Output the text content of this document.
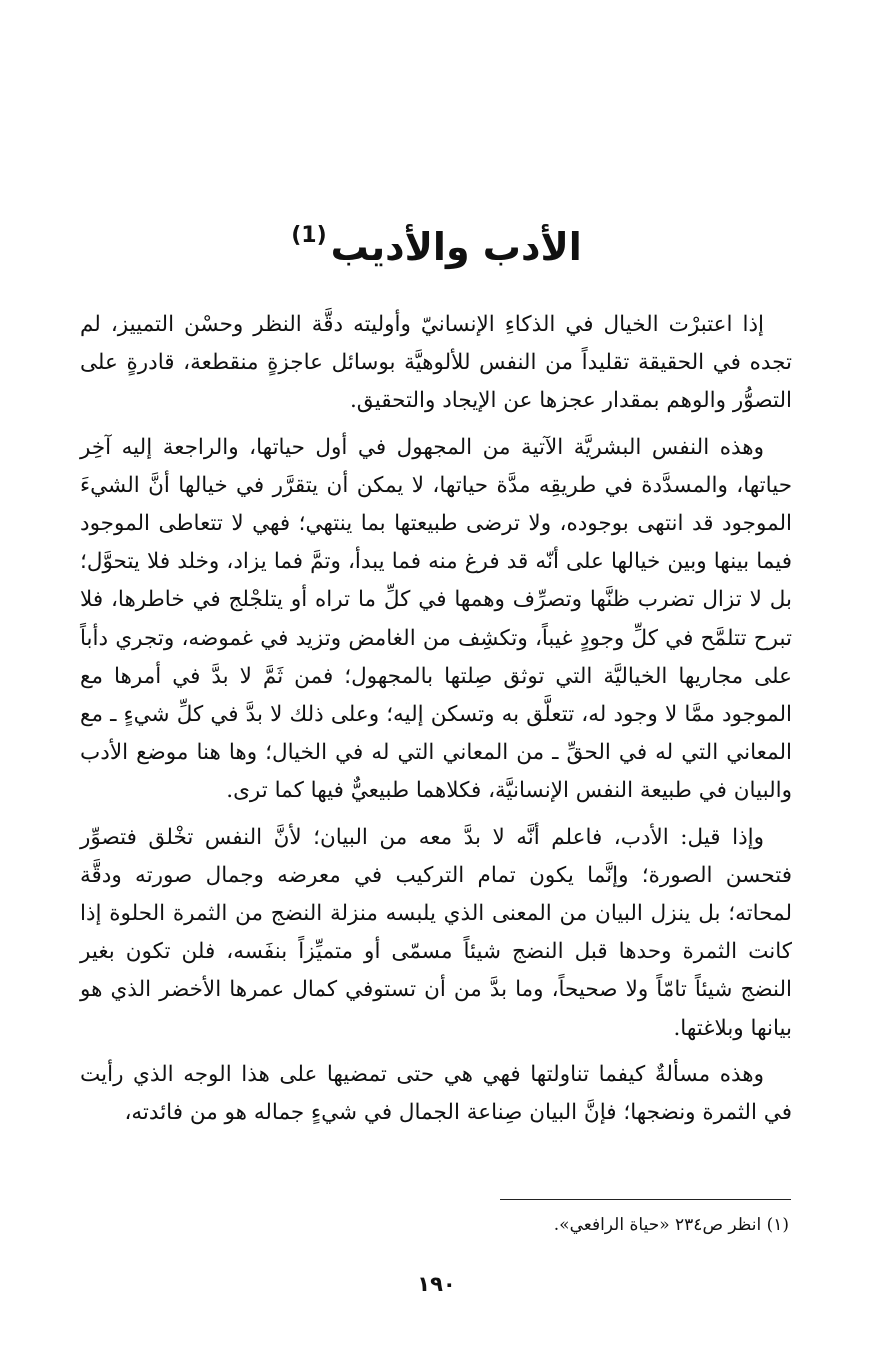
الأدب والأديب$^{(1)}$

إذا اعتبرْت الخيال في الذكاءِ الإنسانيّ وأوليته دقَّة النظر وحسْن التمييز، لم تجده في الحقيقة تقليداً من النفس للألوهيَّة بوسائل عاجزةٍ منقطعة، قادرةٍ على التصوُّر والوهم بمقدار عجزها عن الإيجاد والتحقيق.

وهذه النفس البشريَّة الآتية من المجهول في أول حياتها، والراجعة إليه آخِر حياتها، والمسدَّدة في طريقِه مدَّة حياتها، لا يمكن أن يتقرَّر في خيالها أنَّ الشيءَ الموجود قد انتهى بوجوده، ولا ترضى طبيعتها بما ينتهي؛ فهي لا تتعاطى الموجود فيما بينها وبين خيالها على أنّه قد فرغ منه فما يبدأ، وتمَّ فما يزاد، وخلد فلا يتحوَّل؛ بل لا تزال تضرب ظنَّها وتصرِّف وهمها في كلِّ ما تراه أو يتلجْلج في خاطرها، فلا تبرح تتلمَّح في كلِّ وجودٍ غيباً، وتكشِف من الغامض وتزيد في غموضه، وتجري دأباً على مجاريها الخياليَّة التي توثق صِلتها بالمجهول؛ فمن ثَمَّ لا بدَّ في أمرها مع الموجود ممَّا لا وجود له، تتعلَّق به وتسكن إليه؛ وعلى ذلك لا بدَّ في كلِّ شيءٍ ـ مع المعاني التي له في الحقِّ ـ من المعاني التي له في الخيال؛ وها هنا موضع الأدب والبيان في طبيعة النفس الإنسانيَّة، فكلاهما طبيعيٌّ فيها كما ترى.

وإذا قيل: الأدب، فاعلم أنَّه لا بدَّ معه من البيان؛ لأنَّ النفس تخْلق فتصوِّر فتحسن الصورة؛ وإنَّما يكون تمام التركيب في معرضه وجمال صورته ودقَّة لمحاته؛ بل ينزل البيان من المعنى الذي يلبسه منزلة النضج من الثمرة الحلوة إذا كانت الثمرة وحدها قبل النضج شيئاً مسمّى أو متميِّزاً بنفَسه، فلن تكون بغير النضج شيئاً تامّاً ولا صحيحاً، وما بدَّ من أن تستوفي كمال عمرها الأخضر الذي هو بيانها وبلاغتها.

وهذه مسألةٌ كيفما تناولتها فهي هي حتى تمضيها على هذا الوجه الذي رأيت في الثمرة ونضجها؛ فإنَّ البيان صِناعة الجمال في شيءٍ جماله هو من فائدته،

(١) انظر ص٢٣٤ «حياة الرافعي».
١٩٠
